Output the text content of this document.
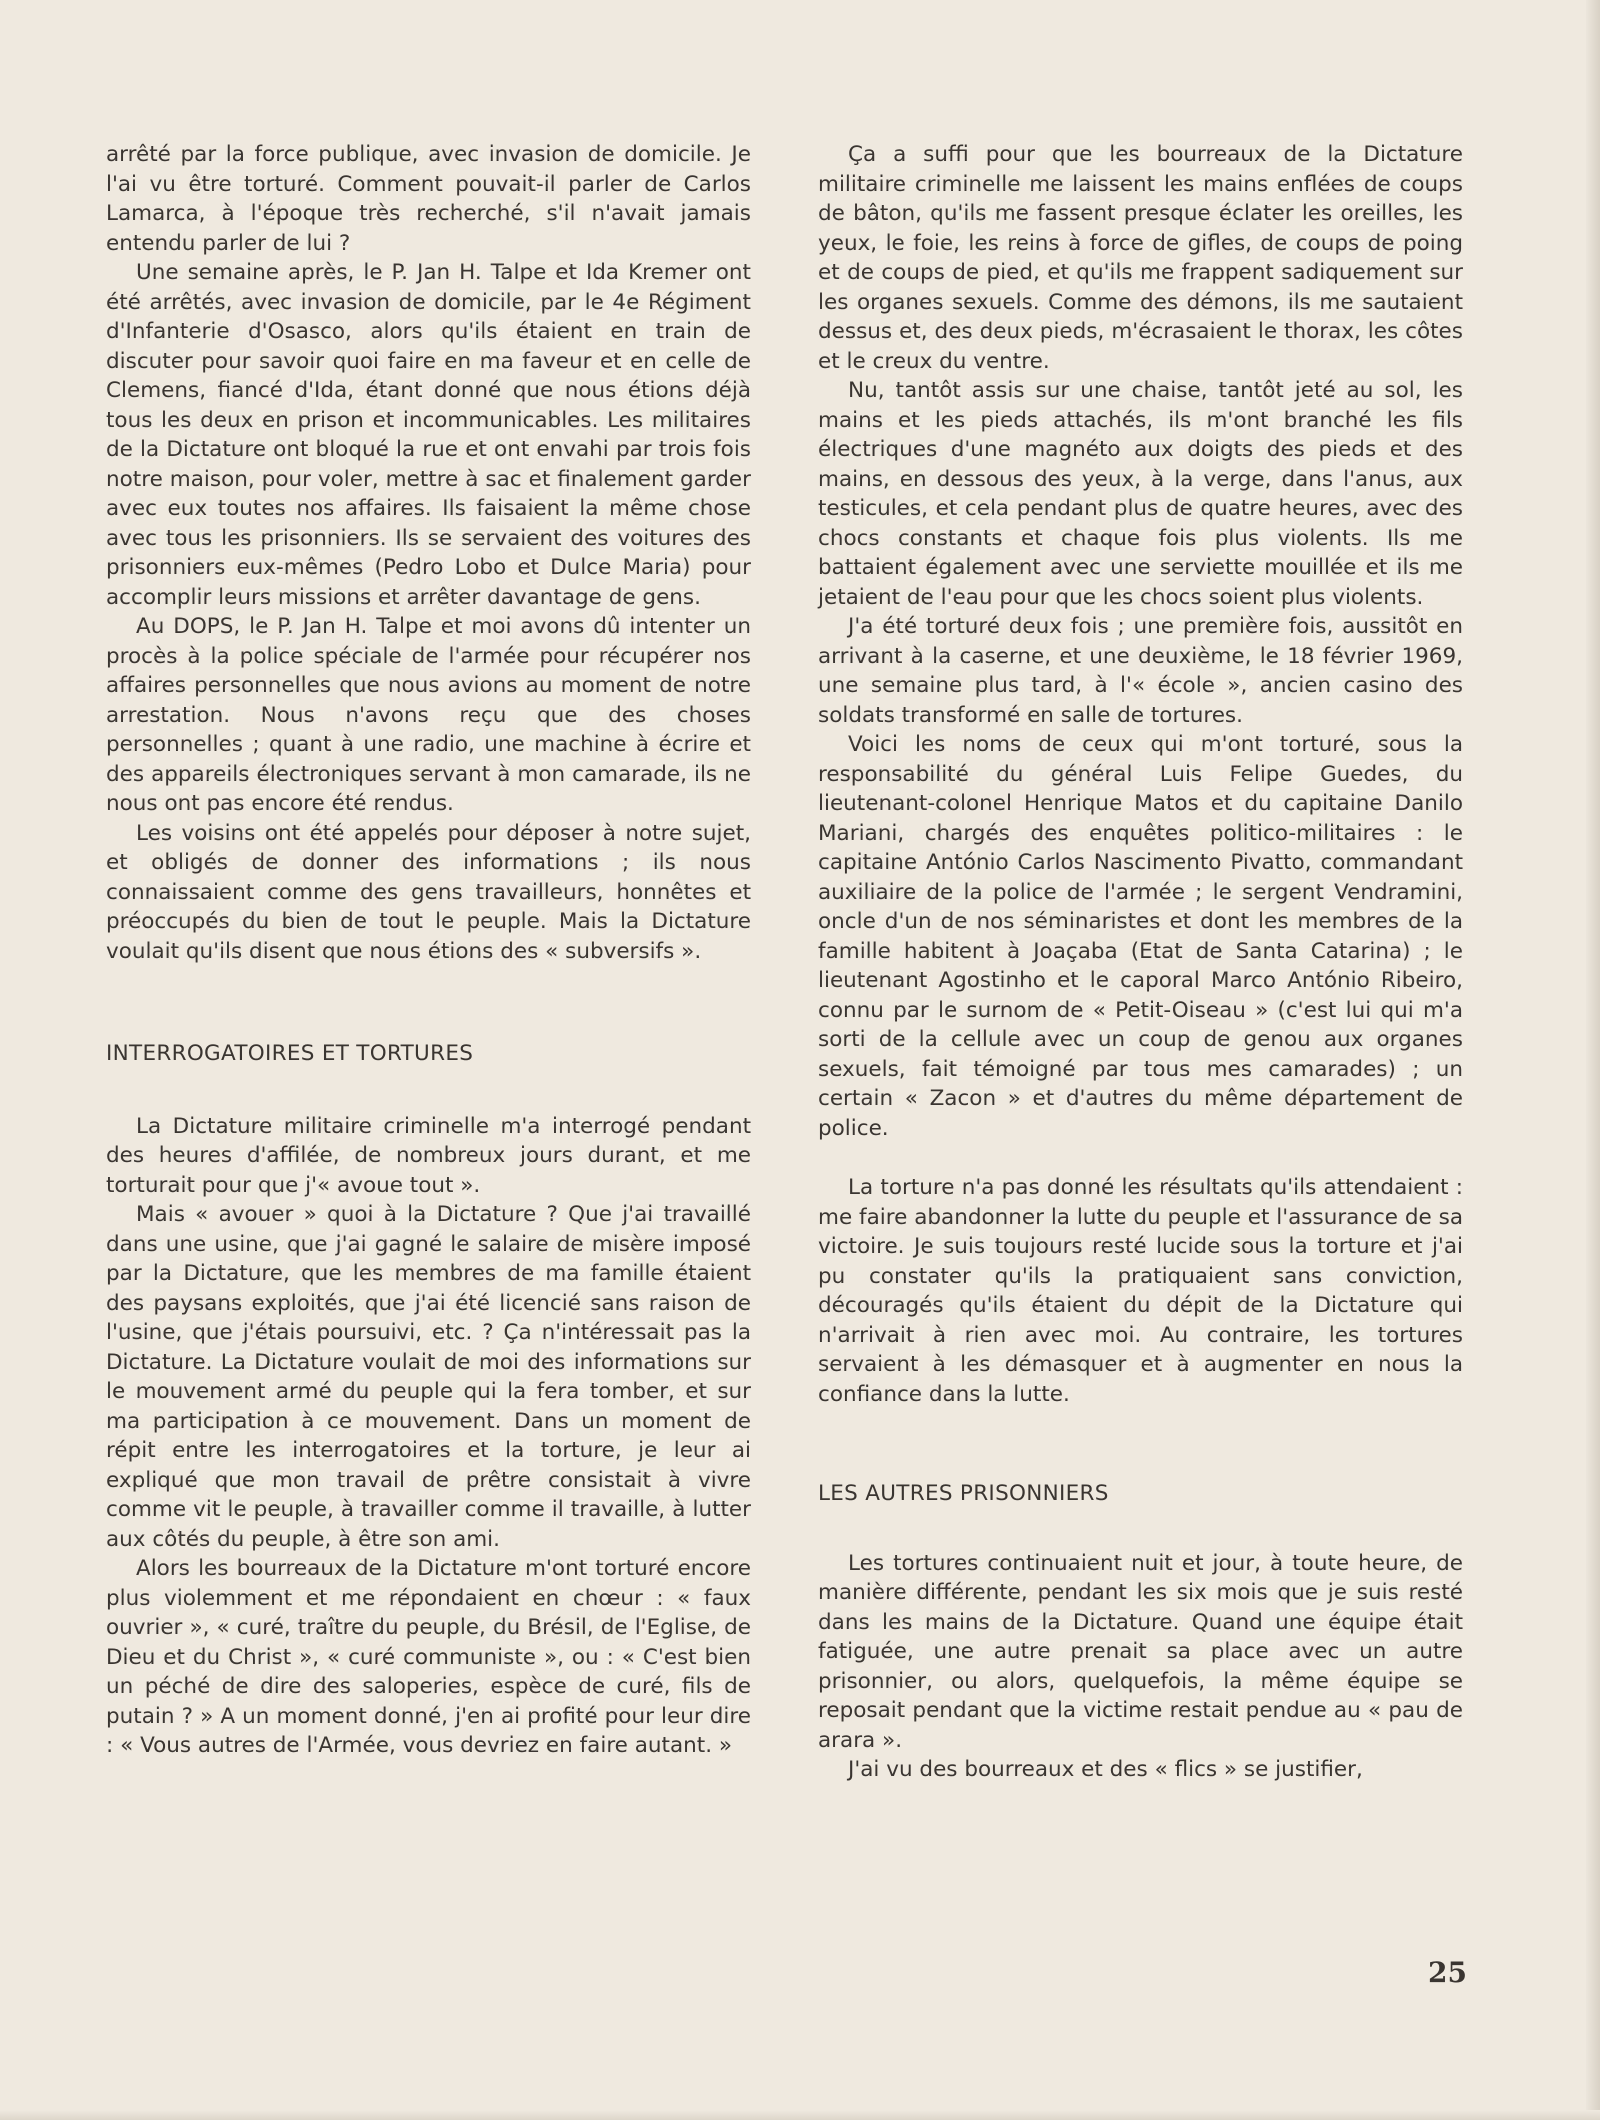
arrêté par la force publique, avec invasion de domicile. Je l'ai vu être torturé. Comment pouvait-il parler de Carlos Lamarca, à l'époque très recherché, s'il n'avait jamais entendu parler de lui ?

Une semaine après, le P. Jan H. Talpe et Ida Kremer ont été arrêtés, avec invasion de domicile, par le 4e Régiment d'Infanterie d'Osasco, alors qu'ils étaient en train de discuter pour savoir quoi faire en ma faveur et en celle de Clemens, fiancé d'Ida, étant donné que nous étions déjà tous les deux en prison et incommunicables. Les militaires de la Dictature ont bloqué la rue et ont envahi par trois fois notre maison, pour voler, mettre à sac et finalement garder avec eux toutes nos affaires. Ils faisaient la même chose avec tous les prisonniers. Ils se servaient des voitures des prisonniers eux-mêmes (Pedro Lobo et Dulce Maria) pour accomplir leurs missions et arrêter davantage de gens.

Au DOPS, le P. Jan H. Talpe et moi avons dû intenter un procès à la police spéciale de l'armée pour récupérer nos affaires personnelles que nous avions au moment de notre arrestation. Nous n'avons reçu que des choses personnelles ; quant à une radio, une machine à écrire et des appareils électroniques servant à mon camarade, ils ne nous ont pas encore été rendus.

Les voisins ont été appelés pour déposer à notre sujet, et obligés de donner des informations ; ils nous connaissaient comme des gens travailleurs, honnêtes et préoccupés du bien de tout le peuple. Mais la Dictature voulait qu'ils disent que nous étions des « subversifs ».

INTERROGATOIRES ET TORTURES

La Dictature militaire criminelle m'a interrogé pendant des heures d'affilée, de nombreux jours durant, et me torturait pour que j'« avoue tout ».

Mais « avouer » quoi à la Dictature ? Que j'ai travaillé dans une usine, que j'ai gagné le salaire de misère imposé par la Dictature, que les membres de ma famille étaient des paysans exploités, que j'ai été licencié sans raison de l'usine, que j'étais poursuivi, etc. ? Ça n'intéressait pas la Dictature. La Dictature voulait de moi des informations sur le mouvement armé du peuple qui la fera tomber, et sur ma participation à ce mouvement. Dans un moment de répit entre les interrogatoires et la torture, je leur ai expliqué que mon travail de prêtre consistait à vivre comme vit le peuple, à travailler comme il travaille, à lutter aux côtés du peuple, à être son ami.

Alors les bourreaux de la Dictature m'ont torturé encore plus violemment et me répondaient en chœur : « faux ouvrier », « curé, traître du peuple, du Brésil, de l'Eglise, de Dieu et du Christ », « curé communiste », ou : « C'est bien un péché de dire des saloperies, espèce de curé, fils de putain ? » A un moment donné, j'en ai profité pour leur dire : « Vous autres de l'Armée, vous devriez en faire autant. »

Ça a suffi pour que les bourreaux de la Dictature militaire criminelle me laissent les mains enflées de coups de bâton, qu'ils me fassent presque éclater les oreilles, les yeux, le foie, les reins à force de gifles, de coups de poing et de coups de pied, et qu'ils me frappent sadiquement sur les organes sexuels. Comme des démons, ils me sautaient dessus et, des deux pieds, m'écrasaient le thorax, les côtes et le creux du ventre.

Nu, tantôt assis sur une chaise, tantôt jeté au sol, les mains et les pieds attachés, ils m'ont branché les fils électriques d'une magnéto aux doigts des pieds et des mains, en dessous des yeux, à la verge, dans l'anus, aux testicules, et cela pendant plus de quatre heures, avec des chocs constants et chaque fois plus violents. Ils me battaient également avec une serviette mouillée et ils me jetaient de l'eau pour que les chocs soient plus violents.

J'a été torturé deux fois ; une première fois, aussitôt en arrivant à la caserne, et une deuxième, le 18 février 1969, une semaine plus tard, à l'« école », ancien casino des soldats transformé en salle de tortures.

Voici les noms de ceux qui m'ont torturé, sous la responsabilité du général Luis Felipe Guedes, du lieutenant-colonel Henrique Matos et du capitaine Danilo Mariani, chargés des enquêtes politico-militaires : le capitaine António Carlos Nascimento Pivatto, commandant auxiliaire de la police de l'armée ; le sergent Vendramini, oncle d'un de nos séminaristes et dont les membres de la famille habitent à Joaçaba (Etat de Santa Catarina) ; le lieutenant Agostinho et le caporal Marco António Ribeiro, connu par le surnom de « Petit-Oiseau » (c'est lui qui m'a sorti de la cellule avec un coup de genou aux organes sexuels, fait témoigné par tous mes camarades) ; un certain « Zacon » et d'autres du même département de police.

La torture n'a pas donné les résultats qu'ils attendaient : me faire abandonner la lutte du peuple et l'assurance de sa victoire. Je suis toujours resté lucide sous la torture et j'ai pu constater qu'ils la pratiquaient sans conviction, découragés qu'ils étaient du dépit de la Dictature qui n'arrivait à rien avec moi. Au contraire, les tortures servaient à les démasquer et à augmenter en nous la confiance dans la lutte.

LES AUTRES PRISONNIERS

Les tortures continuaient nuit et jour, à toute heure, de manière différente, pendant les six mois que je suis resté dans les mains de la Dictature. Quand une équipe était fatiguée, une autre prenait sa place avec un autre prisonnier, ou alors, quelquefois, la même équipe se reposait pendant que la victime restait pendue au « pau de arara ».

J'ai vu des bourreaux et des « flics » se justifier,

25
